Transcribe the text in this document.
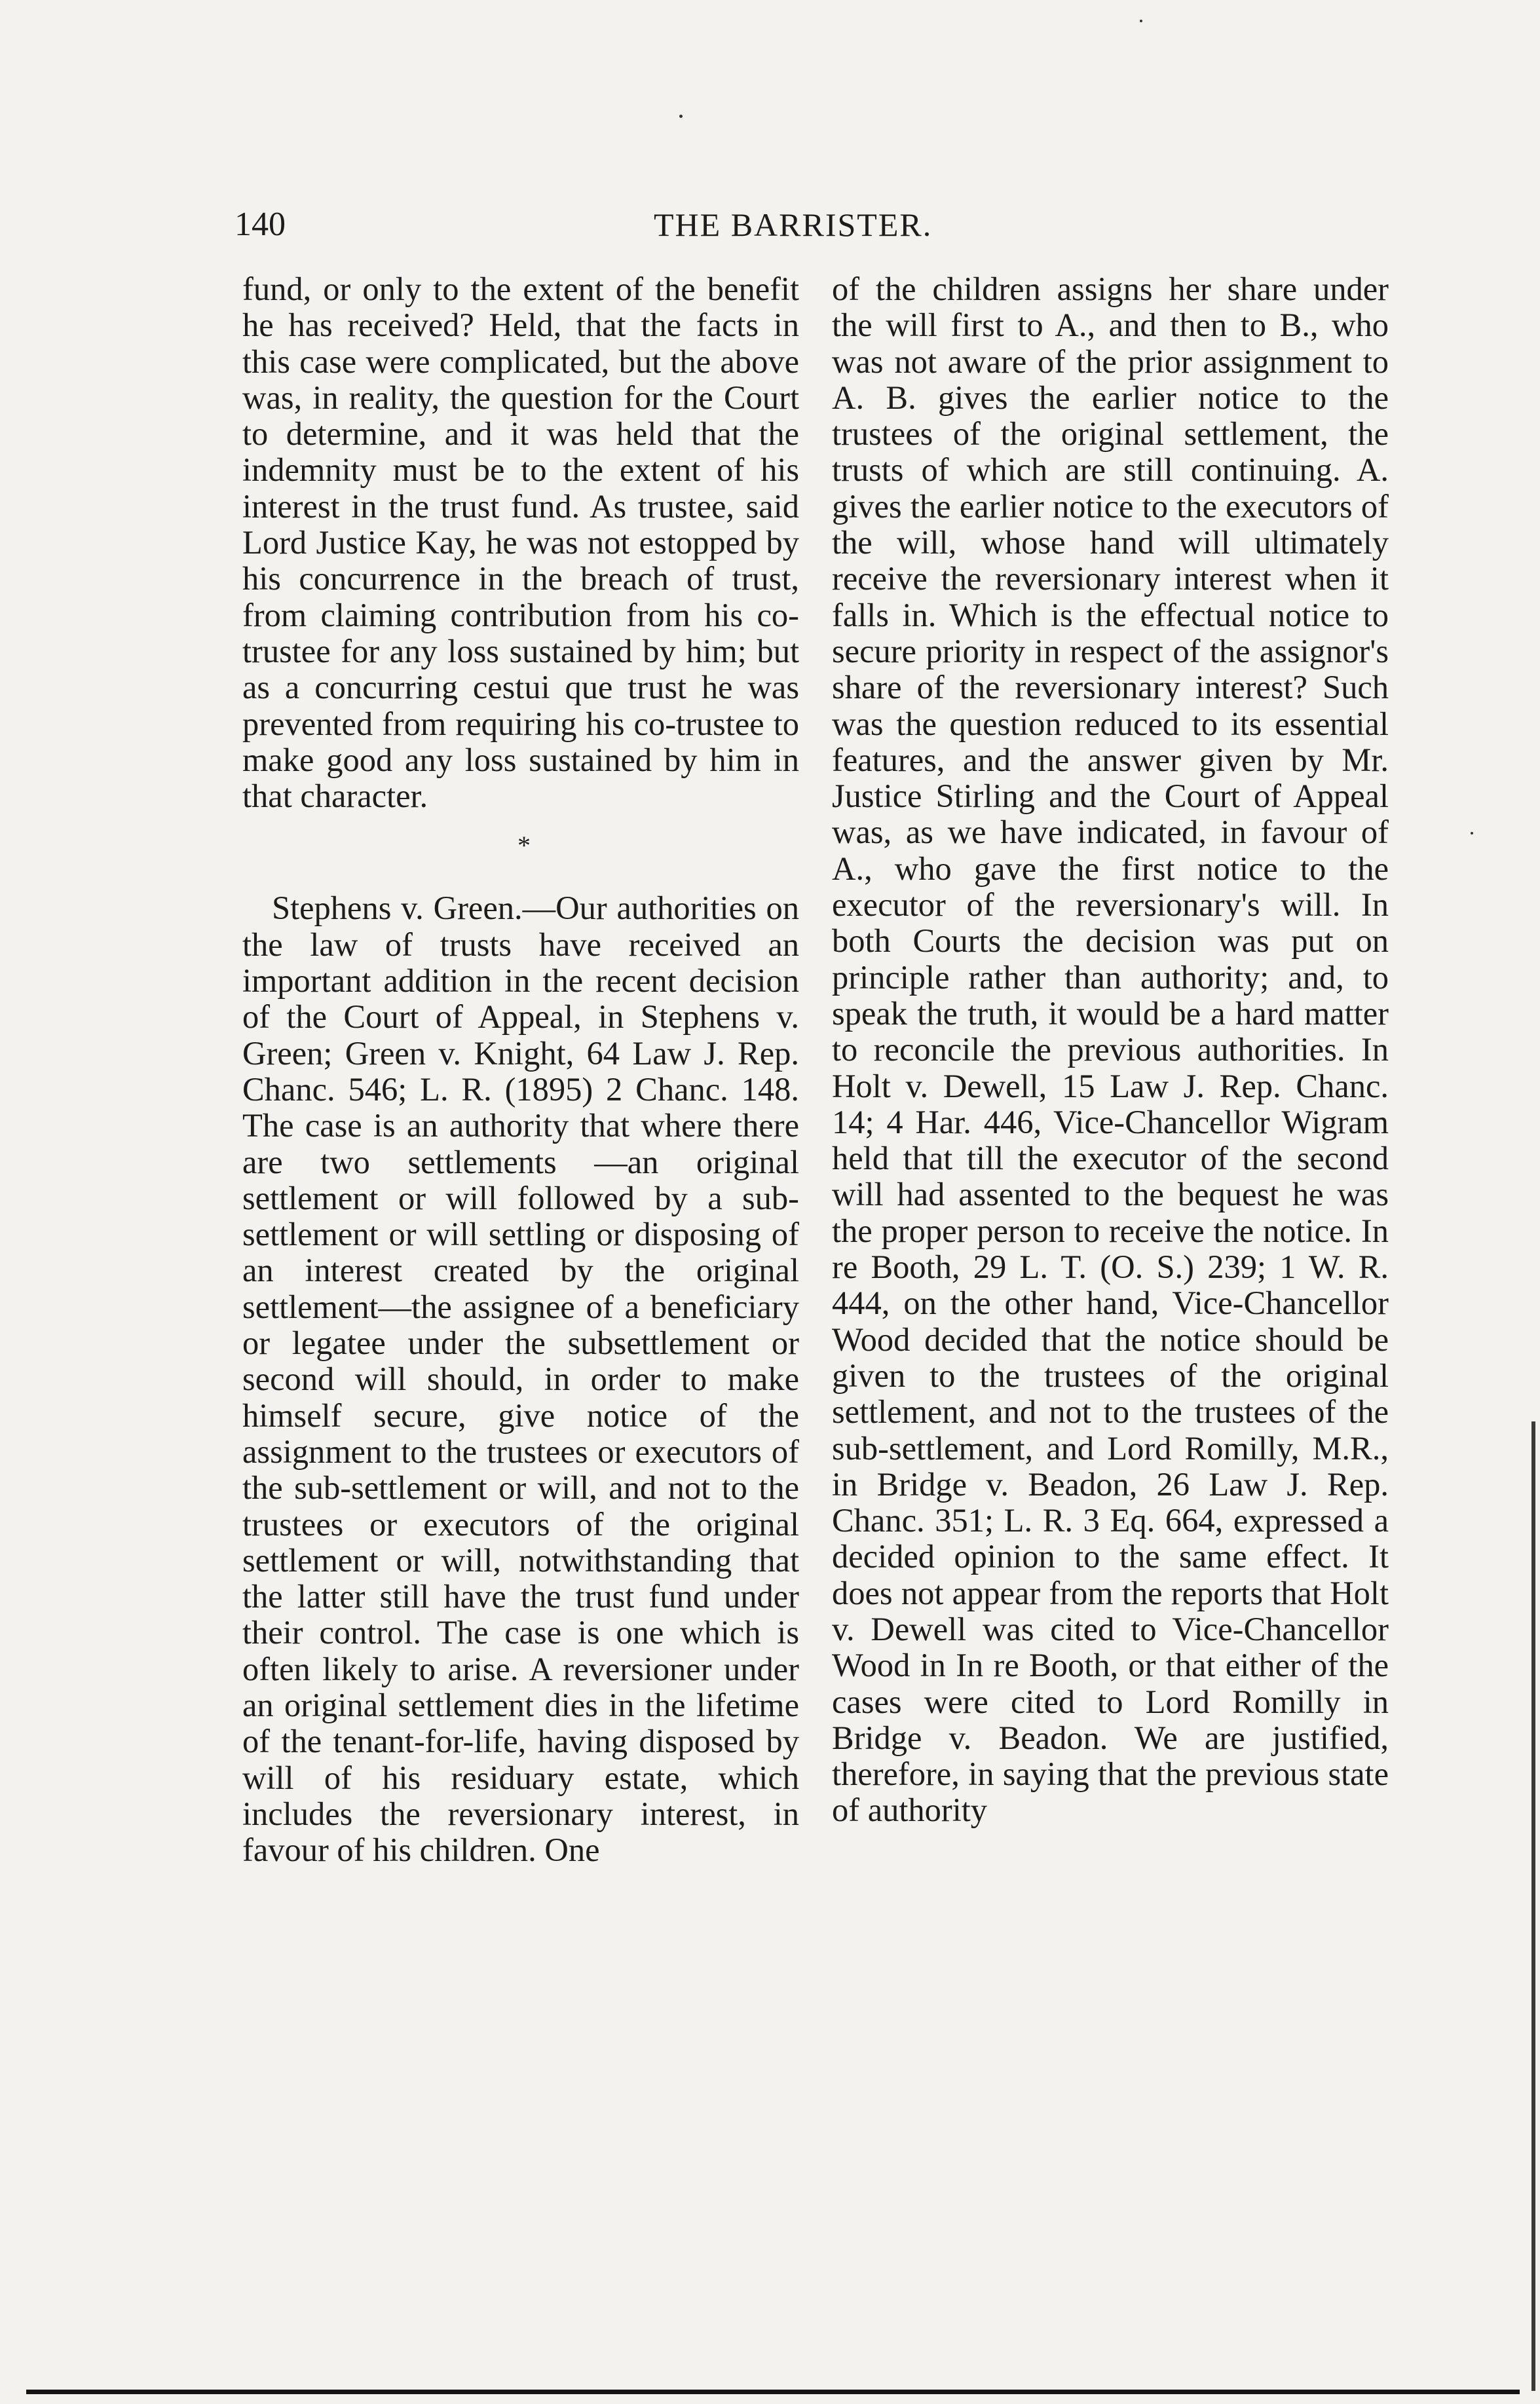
140	THE BARRISTER.

fund, or only to the extent of the benefit he has received? Held, that the facts in this case were complicated, but the above was, in reality, the question for the Court to determine, and it was held that the indemnity must be to the extent of his interest in the trust fund. As trustee, said Lord Justice Kay, he was not estopped by his concurrence in the breach of trust, from claiming contribution from his co-trustee for any loss sustained by him; but as a concurring cestui que trust he was prevented from requiring his co-trustee to make good any loss sustained by him in that character.

*

Stephens v. Green.—Our authorities on the law of trusts have received an important addition in the recent decision of the Court of Appeal, in Stephens v. Green; Green v. Knight, 64 Law J. Rep. Chanc. 546; L. R. (1895) 2 Chanc. 148. The case is an authority that where there are two settlements —an original settlement or will followed by a sub-settlement or will settling or disposing of an interest created by the original settlement—the assignee of a beneficiary or legatee under the subsettlement or second will should, in order to make himself secure, give notice of the assignment to the trustees or executors of the sub-settlement or will, and not to the trustees or executors of the original settlement or will, notwithstanding that the latter still have the trust fund under their control. The case is one which is often likely to arise. A reversioner under an original settlement dies in the lifetime of the tenant-for-life, having disposed by will of his residuary estate, which includes the reversionary interest, in favour of his children. One

of the children assigns her share under the will first to A., and then to B., who was not aware of the prior assignment to A. B. gives the earlier notice to the trustees of the original settlement, the trusts of which are still continuing. A. gives the earlier notice to the executors of the will, whose hand will ultimately receive the reversionary interest when it falls in. Which is the effectual notice to secure priority in respect of the assignor's share of the reversionary interest? Such was the question reduced to its essential features, and the answer given by Mr. Justice Stirling and the Court of Appeal was, as we have indicated, in favour of A., who gave the first notice to the executor of the reversionary's will. In both Courts the decision was put on principle rather than authority; and, to speak the truth, it would be a hard matter to reconcile the previous authorities. In Holt v. Dewell, 15 Law J. Rep. Chanc. 14; 4 Har. 446, Vice-Chancellor Wigram held that till the executor of the second will had assented to the bequest he was the proper person to receive the notice. In re Booth, 29 L. T. (O. S.) 239; 1 W. R. 444, on the other hand, Vice-Chancellor Wood decided that the notice should be given to the trustees of the original settlement, and not to the trustees of the sub-settlement, and Lord Romilly, M.R., in Bridge v. Beadon, 26 Law J. Rep. Chanc. 351; L. R. 3 Eq. 664, expressed a decided opinion to the same effect. It does not appear from the reports that Holt v. Dewell was cited to Vice-Chancellor Wood in In re Booth, or that either of the cases were cited to Lord Romilly in Bridge v. Beadon. We are justified, therefore, in saying that the previous state of authority
